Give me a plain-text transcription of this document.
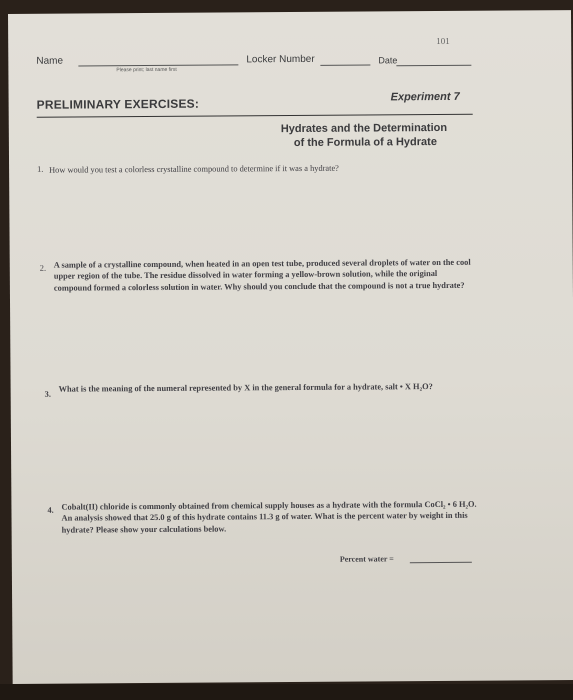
101
Name
Please print; last name first
Locker Number	Date
PRELIMINARY EXERCISES:	Experiment 7
Hydrates and the Determination
of the Formula of a Hydrate
1. How would you test a colorless crystalline compound to determine if it was a hydrate?
2. A sample of a crystalline compound, when heated in an open test tube, produced several droplets of water on the cool upper region of the tube. The residue dissolved in water forming a yellow-brown solution, while the original compound formed a colorless solution in water. Why should you conclude that the compound is not a true hydrate?
3.
What is the meaning of the numeral represented by X in the general formula for a hydrate, salt • X H₂O?
4. Cobalt(II) chloride is commonly obtained from chemical supply houses as a hydrate with the formula CoCl₂ • 6 H₂O. An analysis showed that 25.0 g of this hydrate contains 11.3 g of water. What is the percent water by weight in this hydrate? Please show your calculations below.
Percent water =
